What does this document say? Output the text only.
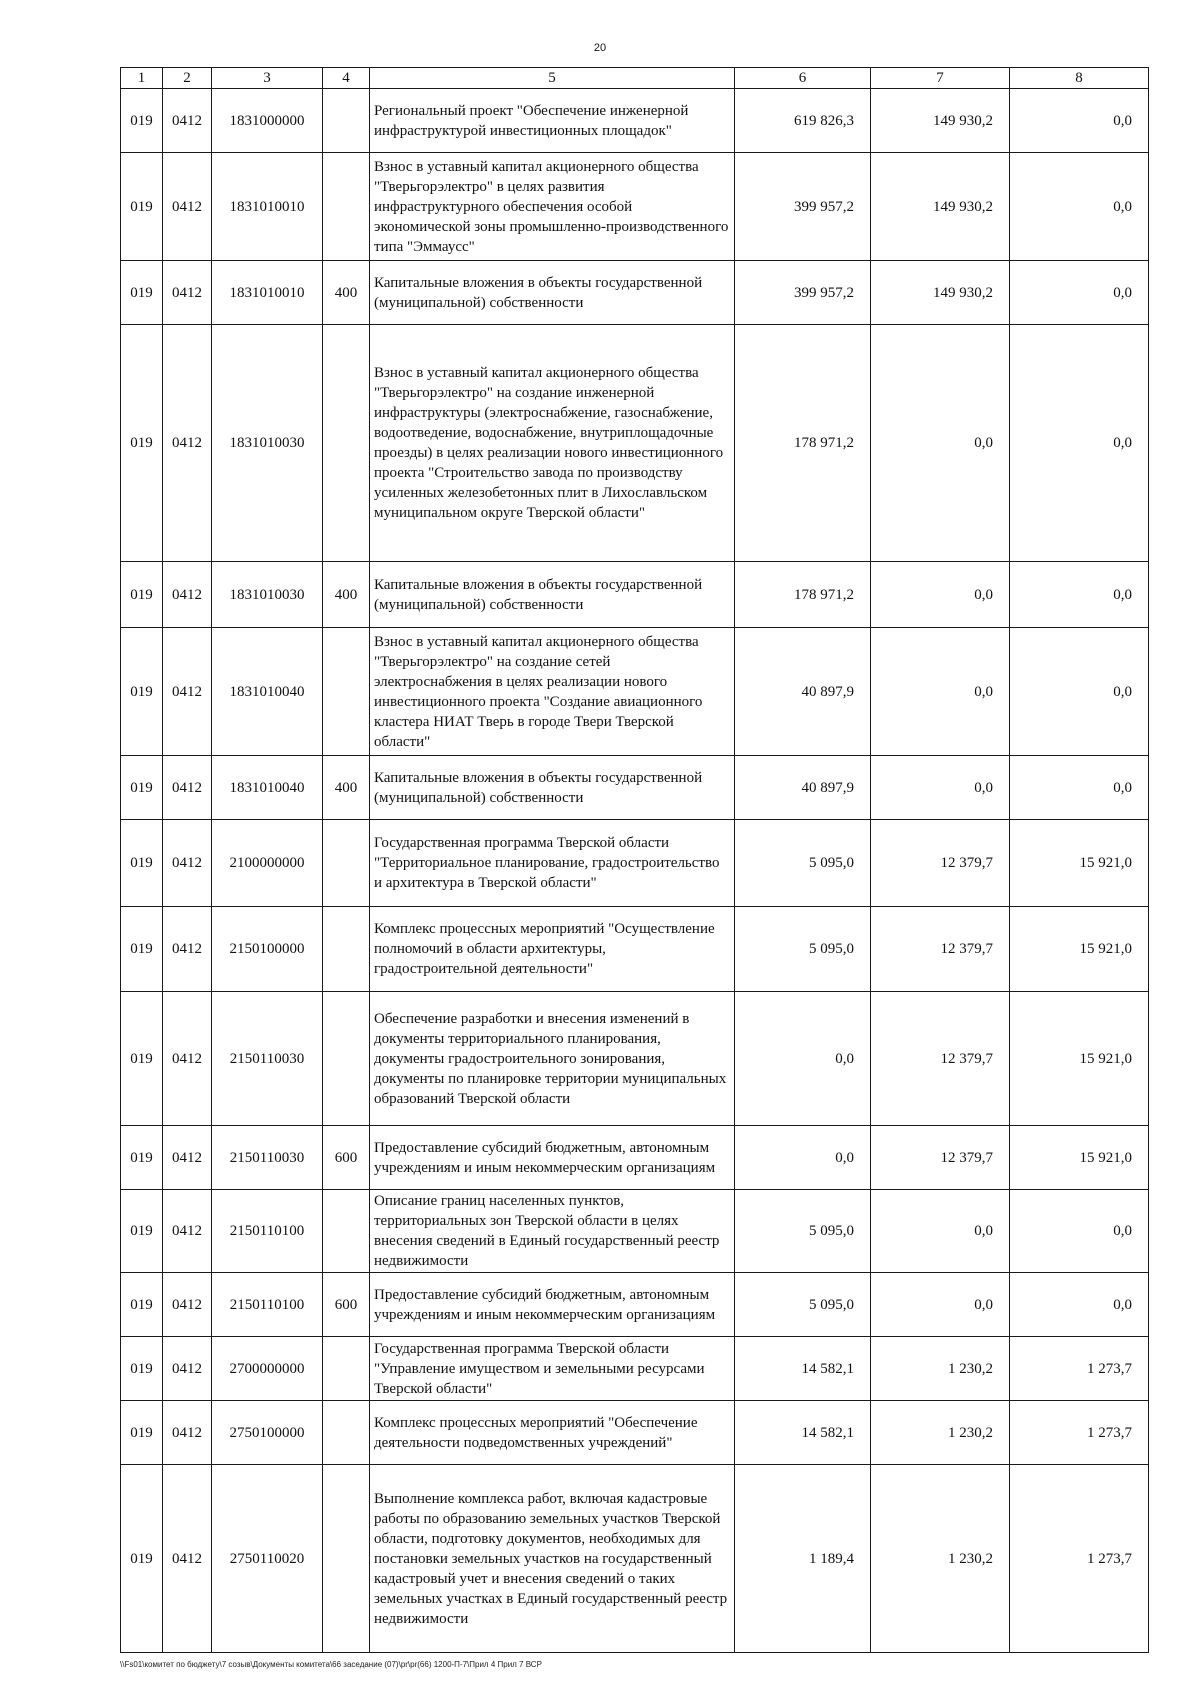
20
1	2	3	4	5	6	7	8
019	0412	1831000000		Региональный проект "Обеспечение инженерной инфраструктурой инвестиционных площадок"	619 826,3	149 930,2	0,0
019	0412	1831010010		Взнос в уставный капитал акционерного общества "Тверьгорэлектро" в целях развития инфраструктурного обеспечения особой экономической зоны промышленно-производственного типа "Эммаусс"	399 957,2	149 930,2	0,0
019	0412	1831010010	400	Капитальные вложения в объекты государственной (муниципальной) собственности	399 957,2	149 930,2	0,0
019	0412	1831010030		Взнос в уставный капитал акционерного общества "Тверьгорэлектро" на создание инженерной инфраструктуры (электроснабжение, газоснабжение, водоотведение, водоснабжение, внутриплощадочные проезды) в целях реализации нового инвестиционного проекта "Строительство завода по производству усиленных железобетонных плит в Лихославльском муниципальном округе Тверской области"	178 971,2	0,0	0,0
019	0412	1831010030	400	Капитальные вложения в объекты государственной (муниципальной) собственности	178 971,2	0,0	0,0
019	0412	1831010040		Взнос в уставный капитал акционерного общества "Тверьгорэлектро" на создание сетей электроснабжения в целях реализации нового инвестиционного проекта "Создание авиационного кластера НИАТ Тверь в городе Твери Тверской области"	40 897,9	0,0	0,0
019	0412	1831010040	400	Капитальные вложения в объекты государственной (муниципальной) собственности	40 897,9	0,0	0,0
019	0412	2100000000		Государственная программа Тверской области "Территориальное планирование, градостроительство и архитектура в Тверской области"	5 095,0	12 379,7	15 921,0
019	0412	2150100000		Комплекс процессных мероприятий "Осуществление полномочий в области архитектуры, градостроительной деятельности"	5 095,0	12 379,7	15 921,0
019	0412	2150110030		Обеспечение разработки и внесения изменений в документы территориального планирования, документы градостроительного зонирования, документы по планировке территории муниципальных образований Тверской области	0,0	12 379,7	15 921,0
019	0412	2150110030	600	Предоставление субсидий бюджетным, автономным учреждениям и иным некоммерческим организациям	0,0	12 379,7	15 921,0
019	0412	2150110100		Описание границ населенных пунктов, территориальных зон Тверской области в целях внесения сведений в Единый государственный реестр недвижимости	5 095,0	0,0	0,0
019	0412	2150110100	600	Предоставление субсидий бюджетным, автономным учреждениям и иным некоммерческим организациям	5 095,0	0,0	0,0
019	0412	2700000000		Государственная программа Тверской области "Управление имуществом и земельными ресурсами Тверской области"	14 582,1	1 230,2	1 273,7
019	0412	2750100000		Комплекс процессных мероприятий "Обеспечение деятельности подведомственных учреждений"	14 582,1	1 230,2	1 273,7
019	0412	2750110020		Выполнение комплекса работ, включая кадастровые работы по образованию земельных участков Тверской области, подготовку документов, необходимых для постановки земельных участков на государственный кадастровый учет и внесения сведений о таких земельных участках в Единый государственный реестр недвижимости	1 189,4	1 230,2	1 273,7
\\Fs01\комитет по бюджету\7 созыв\Документы комитета\66 заседание (07)\pr\pr(66) 1200-П-7\Прил 4 Прил 7 ВСР
